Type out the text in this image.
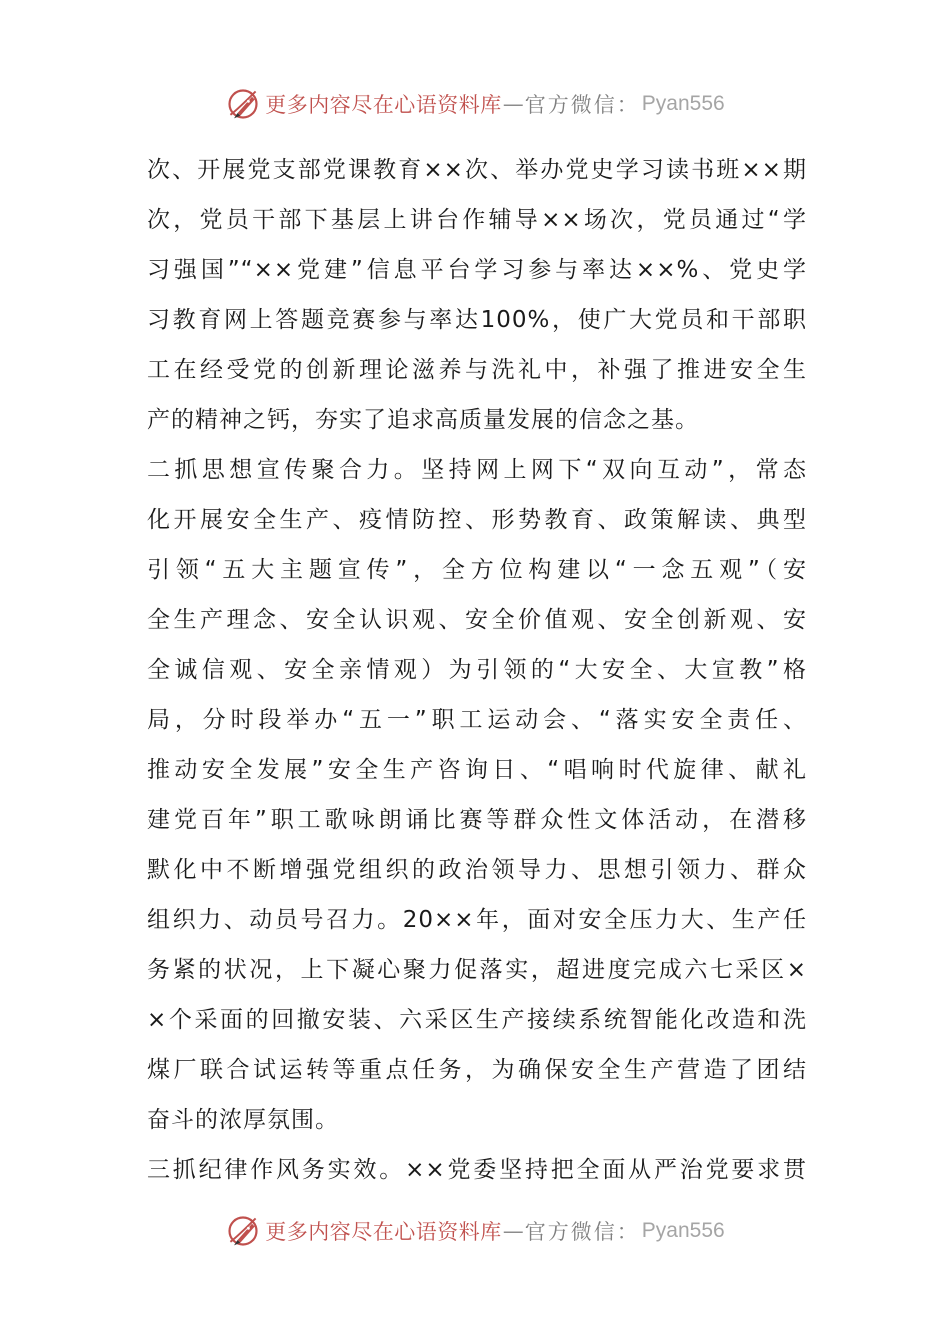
更多内容尽在心语资料库 — 官方微信： Pyan556
次、开展党支部党课教育××次、举办党史学习读书班××期
次，党员干部下基层上讲台作辅导××场次，党员通过“学
习强国”“××党建”信息平台学习参与率达××%、党史学
习教育网上答题竞赛参与率达100%，使广大党员和干部职
工在经受党的创新理论滋养与洗礼中，补强了推进安全生
产的精神之钙，夯实了追求高质量发展的信念之基。
二抓思想宣传聚合力。坚持网上网下“双向互动”，常态
化开展安全生产、疫情防控、形势教育、政策解读、典型
引领“五大主题宣传”，全方位构建以“一念五观”（安
全生产理念、安全认识观、安全价值观、安全创新观、安
全诚信观、安全亲情观）为引领的“大安全、大宣教”格
局，分时段举办“五一”职工运动会、“落实安全责任、
推动安全发展”安全生产咨询日、“唱响时代旋律、献礼
建党百年”职工歌咏朗诵比赛等群众性文体活动，在潜移
默化中不断增强党组织的政治领导力、思想引领力、群众
组织力、动员号召力。20××年，面对安全压力大、生产任
务紧的状况，上下凝心聚力促落实，超进度完成六七采区×
×个采面的回撤安装、六采区生产接续系统智能化改造和洗
煤厂联合试运转等重点任务，为确保安全生产营造了团结
奋斗的浓厚氛围。
三抓纪律作风务实效。××党委坚持把全面从严治党要求贯
更多内容尽在心语资料库 — 官方微信： Pyan556
